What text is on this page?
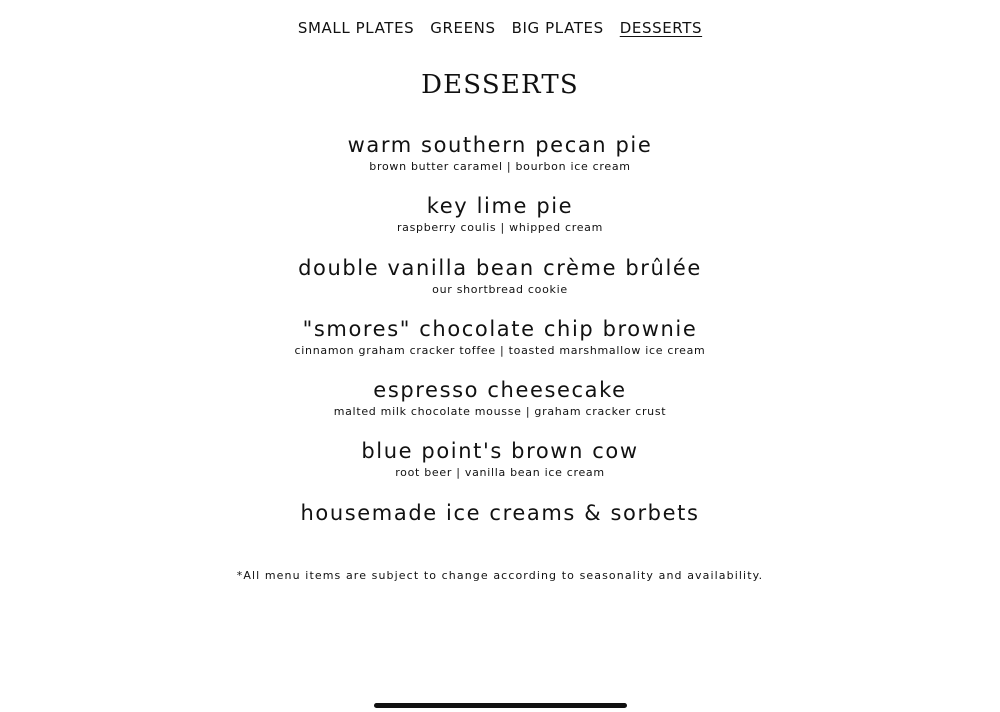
SMALL PLATES GREENS BIG PLATES DESSERTS
DESSERTS
warm southern pecan pie
brown butter caramel | bourbon ice cream
key lime pie
raspberry coulis | whipped cream
double vanilla bean crème brûlée
our shortbread cookie
"smores" chocolate chip brownie
cinnamon graham cracker toffee | toasted marshmallow ice cream
espresso cheesecake
malted milk chocolate mousse | graham cracker crust
blue point's brown cow
root beer | vanilla bean ice cream
housemade ice creams & sorbets
*All menu items are subject to change according to seasonality and availability.
